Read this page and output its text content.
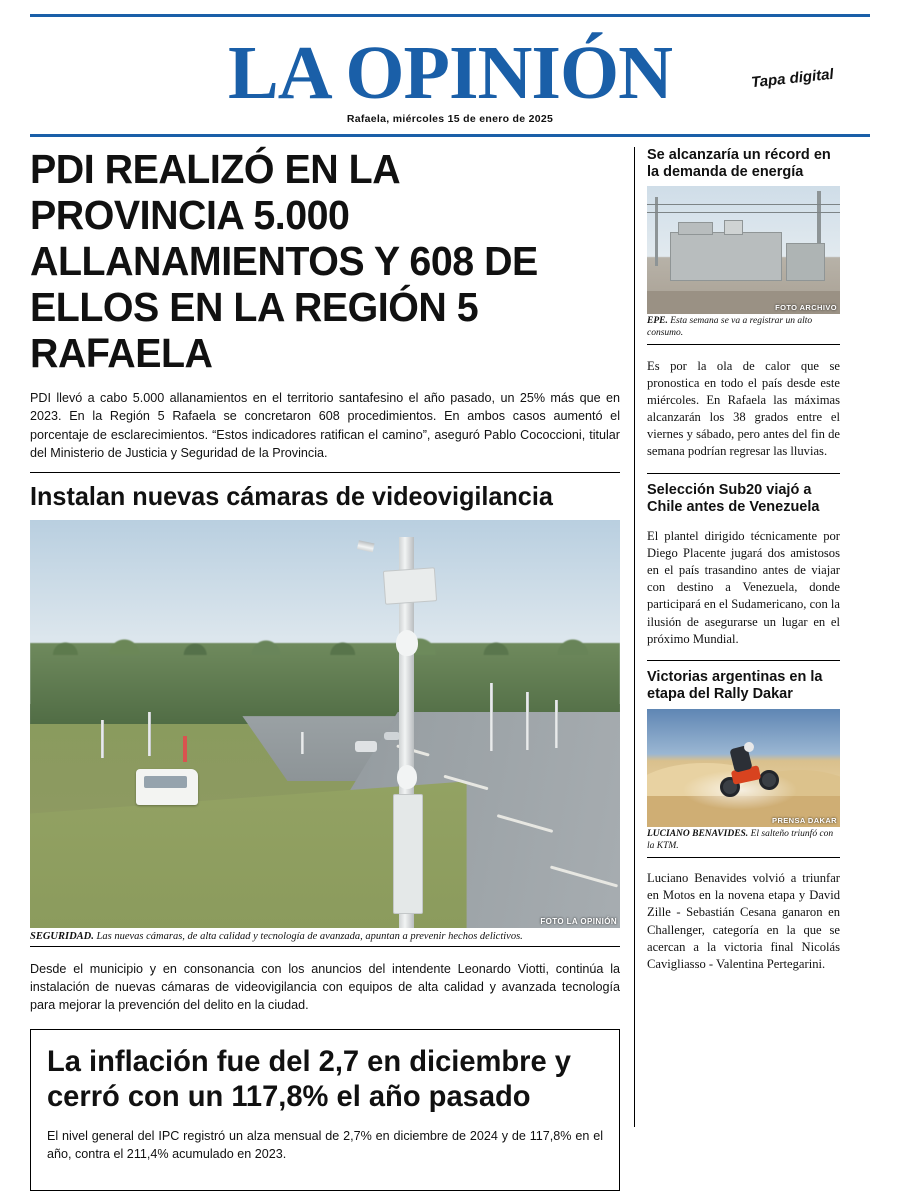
LA OPINIÓN	Tapa digital
Rafaela, miércoles 15 de enero de 2025
PDI REALIZÓ EN LA PROVINCIA 5.000 ALLANAMIENTOS Y 608 DE ELLOS EN LA REGIÓN 5 RAFAELA

PDI llevó a cabo 5.000 allanamientos en el territorio santafesino el año pasado, un 25% más que en 2023. En la Región 5 Rafaela se concretaron 608 procedimientos. En ambos casos aumentó el porcentaje de esclarecimientos. “Estos indicadores ratifican el camino”, aseguró Pablo Cococcioni, titular del Ministerio de Justicia y Seguridad de la Provincia.

Instalan nuevas cámaras de videovigilancia
FOTO LA OPINIÓN
SEGURIDAD. Las nuevas cámaras, de alta calidad y tecnología de avanzada, apuntan a prevenir hechos delictivos.

Desde el municipio y en consonancia con los anuncios del intendente Leonardo Viotti, continúa la instalación de nuevas cámaras de videovigilancia con equipos de alta calidad y avanzada tecnología para mejorar la prevención del delito en la ciudad.

La inflación fue del 2,7 en diciembre y cerró con un 117,8% el año pasado

El nivel general del IPC registró un alza mensual de 2,7% en diciembre de 2024 y de 117,8% en el año, contra el 211,4% acumulado en 2023.

Se alcanzaría un récord en la demanda de energía
FOTO ARCHIVO
EPE. Esta semana se va a registrar un alto consumo.

Es por la ola de calor que se pronostica en todo el país desde este miércoles. En Rafaela las máximas alcanzarán los 38 grados entre el viernes y sábado, pero antes del fin de semana podrían regresar las lluvias.

Selección Sub20 viajó a Chile antes de Venezuela

El plantel dirigido técnicamente por Diego Placente jugará dos amistosos en el país trasandino antes de viajar con destino a Venezuela, donde participará en el Sudamericano, con la ilusión de asegurarse un lugar en el próximo Mundial.

Victorias argentinas en la etapa del Rally Dakar
PRENSA DAKAR
LUCIANO BENAVIDES. El salteño triunfó con la KTM.

Luciano Benavides volvió a triunfar en Motos en la novena etapa y David Zille - Sebastián Cesana ganaron en Challenger, categoría en la que se acercan a la victoria final Nicolás Cavigliasso - Valentina Pertegarini.
